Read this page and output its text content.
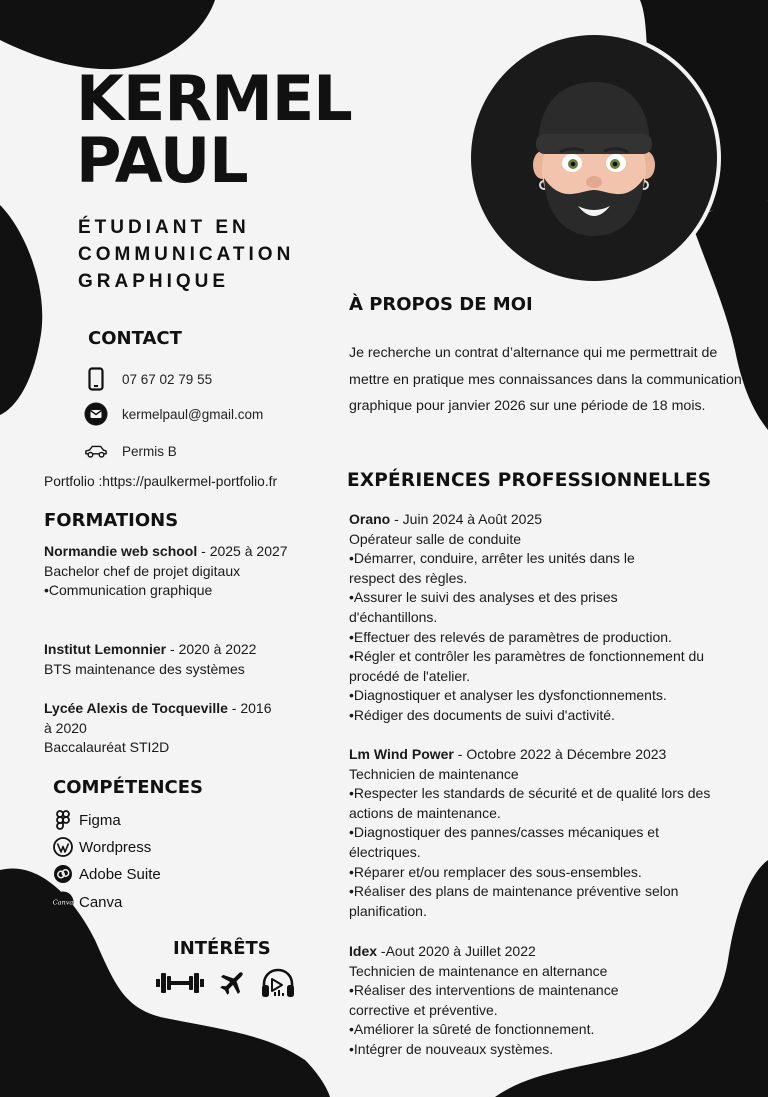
KERMEL
PAUL
ÉTUDIANT EN
COMMUNICATION
GRAPHIQUE
CONTACT
07 67 02 79 55
kermelpaul@gmail.com
Permis B
Portfolio :https://paulkermel-portfolio.fr
FORMATIONS
Normandie web school - 2025 à 2027
Bachelor chef de projet digitaux
•Communication graphique
Institut Lemonnier - 2020 à 2022
BTS maintenance des systèmes
Lycée Alexis de Tocqueville - 2016 à 2020
Baccalauréat STI2D
COMPÉTENCES
Figma
Wordpress
Adobe Suite
Canva Canva
INTÉRÊTS
À PROPOS DE MOI
Je recherche un contrat d’alternance qui me permettrait de mettre en pratique mes connaissances dans la communication graphique pour janvier 2026 sur une période de 18 mois.
EXPÉRIENCES PROFESSIONNELLES
Orano - Juin 2024 à Août 2025
Opérateur salle de conduite
•Démarrer, conduire, arrêter les unités dans le respect des règles.
•Assurer le suivi des analyses et des prises d'échantillons.
•Effectuer des relevés de paramètres de production.
•Régler et contrôler les paramètres de fonctionnement du procédé de l'atelier.
•Diagnostiquer et analyser les dysfonctionnements.
•Rédiger des documents de suivi d'activité.
Lm Wind Power - Octobre 2022 à Décembre 2023
Technicien de maintenance
•Respecter les standards de sécurité et de qualité lors des actions de maintenance.
•Diagnostiquer des pannes/casses mécaniques et électriques.
•Réparer et/ou remplacer des sous-ensembles.
•Réaliser des plans de maintenance préventive selon planification.
Idex -Aout 2020 à Juillet 2022
Technicien de maintenance en alternance
•Réaliser des interventions de maintenance corrective et préventive.
•Améliorer la sûreté de fonctionnement.
•Intégrer de nouveaux systèmes.
